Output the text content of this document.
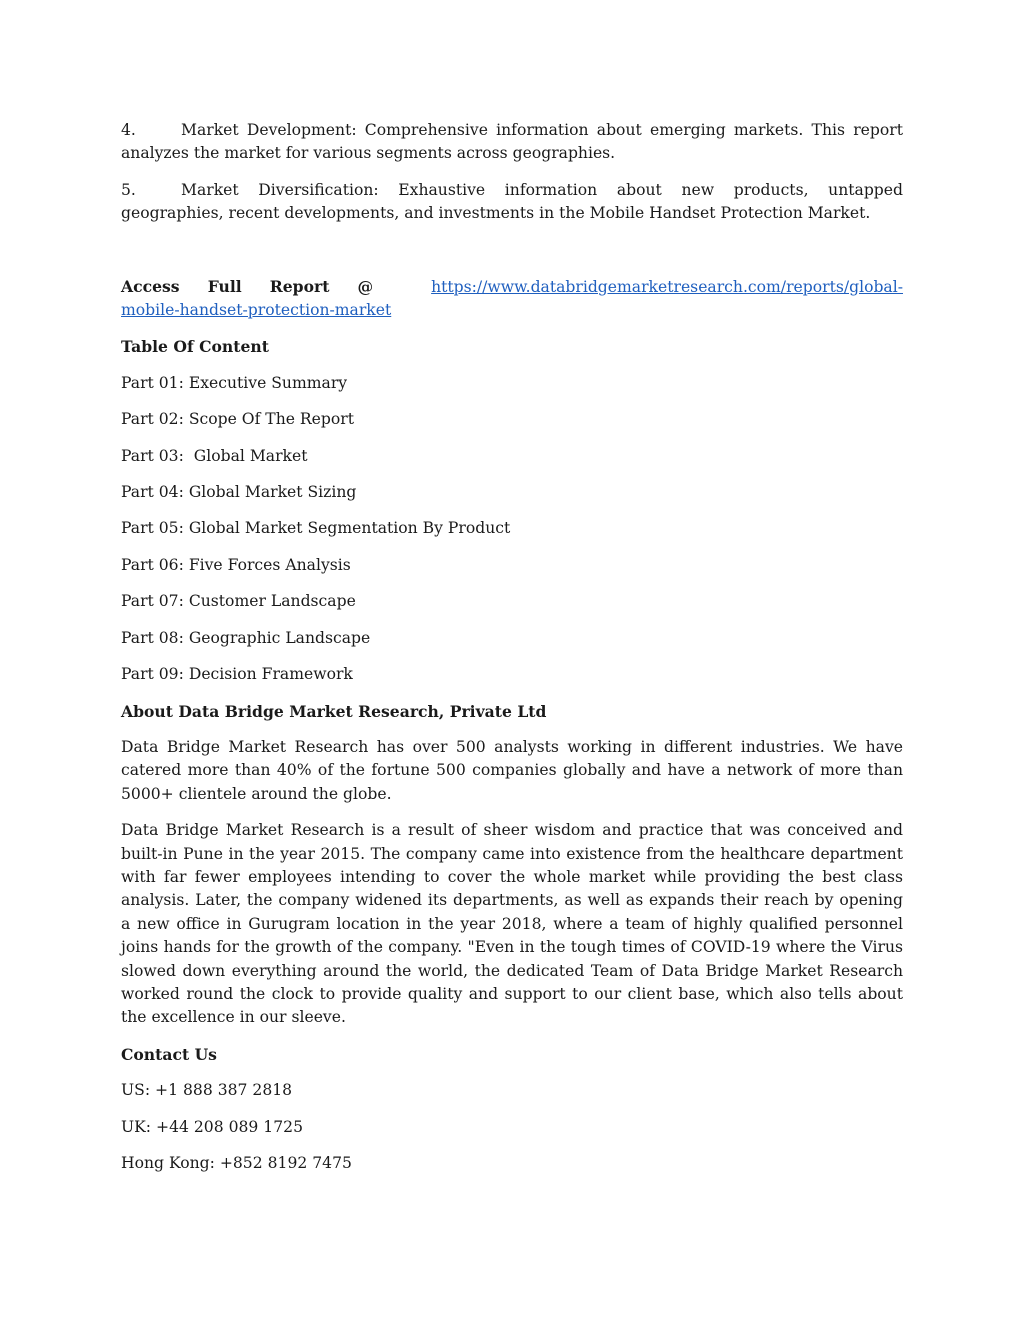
4.	Market Development: Comprehensive information about emerging markets. This report analyzes the market for various segments across geographies.

5.	Market Diversification: Exhaustive information about new products, untapped geographies, recent developments, and investments in the Mobile Handset Protection Market.

Access Full Report @	https://www.databridgemarketresearch.com/reports/global-mobile-handset-protection-market

Table Of Content

Part 01: Executive Summary

Part 02: Scope Of The Report

Part 03:  Global Market

Part 04: Global Market Sizing

Part 05: Global Market Segmentation By Product

Part 06: Five Forces Analysis

Part 07: Customer Landscape

Part 08: Geographic Landscape

Part 09: Decision Framework

About Data Bridge Market Research, Private Ltd

Data Bridge Market Research has over 500 analysts working in different industries. We have catered more than 40% of the fortune 500 companies globally and have a network of more than 5000+ clientele around the globe.

Data Bridge Market Research is a result of sheer wisdom and practice that was conceived and built-in Pune in the year 2015. The company came into existence from the healthcare department with far fewer employees intending to cover the whole market while providing the best class analysis. Later, the company widened its departments, as well as expands their reach by opening a new office in Gurugram location in the year 2018, where a team of highly qualified personnel joins hands for the growth of the company. "Even in the tough times of COVID-19 where the Virus slowed down everything around the world, the dedicated Team of Data Bridge Market Research worked round the clock to provide quality and support to our client base, which also tells about the excellence in our sleeve.

Contact Us

US: +1 888 387 2818

UK: +44 208 089 1725

Hong Kong: +852 8192 7475
